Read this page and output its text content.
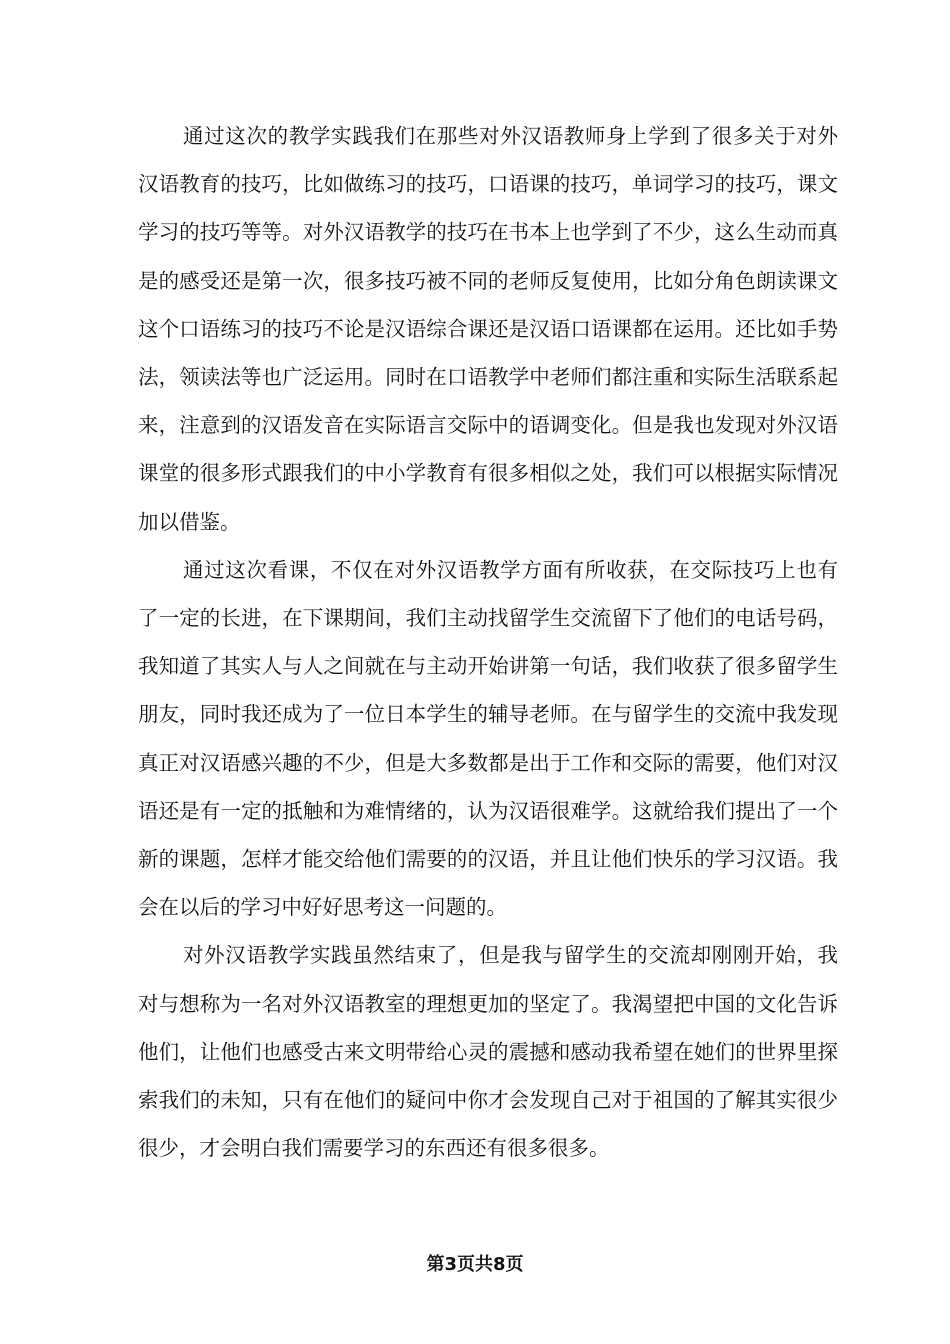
通过这次的教学实践我们在那些对外汉语教师身上学到了很多关于对外汉语教育的技巧，比如做练习的技巧，口语课的技巧，单词学习的技巧，课文学习的技巧等等。对外汉语教学的技巧在书本上也学到了不少，这么生动而真是的感受还是第一次，很多技巧被不同的老师反复使用，比如分角色朗读课文这个口语练习的技巧不论是汉语综合课还是汉语口语课都在运用。还比如手势法，领读法等也广泛运用。同时在口语教学中老师们都注重和实际生活联系起来，注意到的汉语发音在实际语言交际中的语调变化。但是我也发现对外汉语课堂的很多形式跟我们的中小学教育有很多相似之处，我们可以根据实际情况加以借鉴。

通过这次看课，不仅在对外汉语教学方面有所收获，在交际技巧上也有了一定的长进，在下课期间，我们主动找留学生交流留下了他们的电话号码，我知道了其实人与人之间就在与主动开始讲第一句话，我们收获了很多留学生朋友，同时我还成为了一位日本学生的辅导老师。在与留学生的交流中我发现真正对汉语感兴趣的不少，但是大多数都是出于工作和交际的需要，他们对汉语还是有一定的抵触和为难情绪的，认为汉语很难学。这就给我们提出了一个新的课题，怎样才能交给他们需要的的汉语，并且让他们快乐的学习汉语。我会在以后的学习中好好思考这一问题的。

对外汉语教学实践虽然结束了，但是我与留学生的交流却刚刚开始，我对与想称为一名对外汉语教室的理想更加的坚定了。我渴望把中国的文化告诉他们，让他们也感受古来文明带给心灵的震撼和感动我希望在她们的世界里探索我们的未知，只有在他们的疑问中你才会发现自己对于祖国的了解其实很少很少，才会明白我们需要学习的东西还有很多很多。

第3页共8页
